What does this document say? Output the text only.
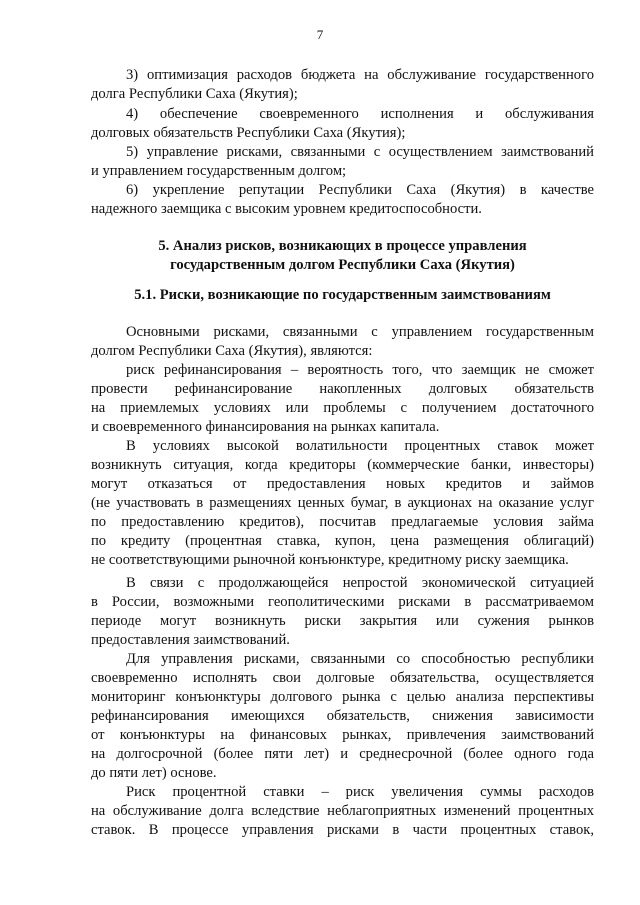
7
3) оптимизация расходов бюджета на обслуживание государственного
долга Республики Саха (Якутия);
4) обеспечение своевременного исполнения и обслуживания
долговых обязательств Республики Саха (Якутия);
5) управление рисками, связанными с осуществлением заимствований
и управлением государственным долгом;
6) укрепление репутации Республики Саха (Якутия) в качестве
надежного заемщика с высоким уровнем кредитоспособности.
5. Анализ рисков, возникающих в процессе управления
государственным долгом Республики Саха (Якутия)
5.1. Риски, возникающие по государственным заимствованиям
Основными рисками, связанными с управлением государственным
долгом Республики Саха (Якутия), являются:
риск рефинансирования – вероятность того, что заемщик не сможет
провести рефинансирование накопленных долговых обязательств
на приемлемых условиях или проблемы с получением достаточного
и своевременного финансирования на рынках капитала.
В условиях высокой волатильности процентных ставок может
возникнуть ситуация, когда кредиторы (коммерческие банки, инвесторы)
могут отказаться от предоставления новых кредитов и займов
(не участвовать в размещениях ценных бумаг, в аукционах на оказание услуг
по предоставлению кредитов), посчитав предлагаемые условия займа
по кредиту (процентная ставка, купон, цена размещения облигаций)
не соответствующими рыночной конъюнктуре, кредитному риску заемщика.
В связи с продолжающейся непростой экономической ситуацией
в России, возможными геополитическими рисками в рассматриваемом
периоде могут возникнуть риски закрытия или сужения рынков
предоставления заимствований.
Для управления рисками, связанными со способностью республики
своевременно исполнять свои долговые обязательства, осуществляется
мониторинг конъюнктуры долгового рынка с целью анализа перспективы
рефинансирования имеющихся обязательств, снижения зависимости
от конъюнктуры на финансовых рынках, привлечения заимствований
на долгосрочной (более пяти лет) и среднесрочной (более одного года
до пяти лет) основе.
Риск процентной ставки – риск увеличения суммы расходов
на обслуживание долга вследствие неблагоприятных изменений процентных
ставок. В процессе управления рисками в части процентных ставок,
